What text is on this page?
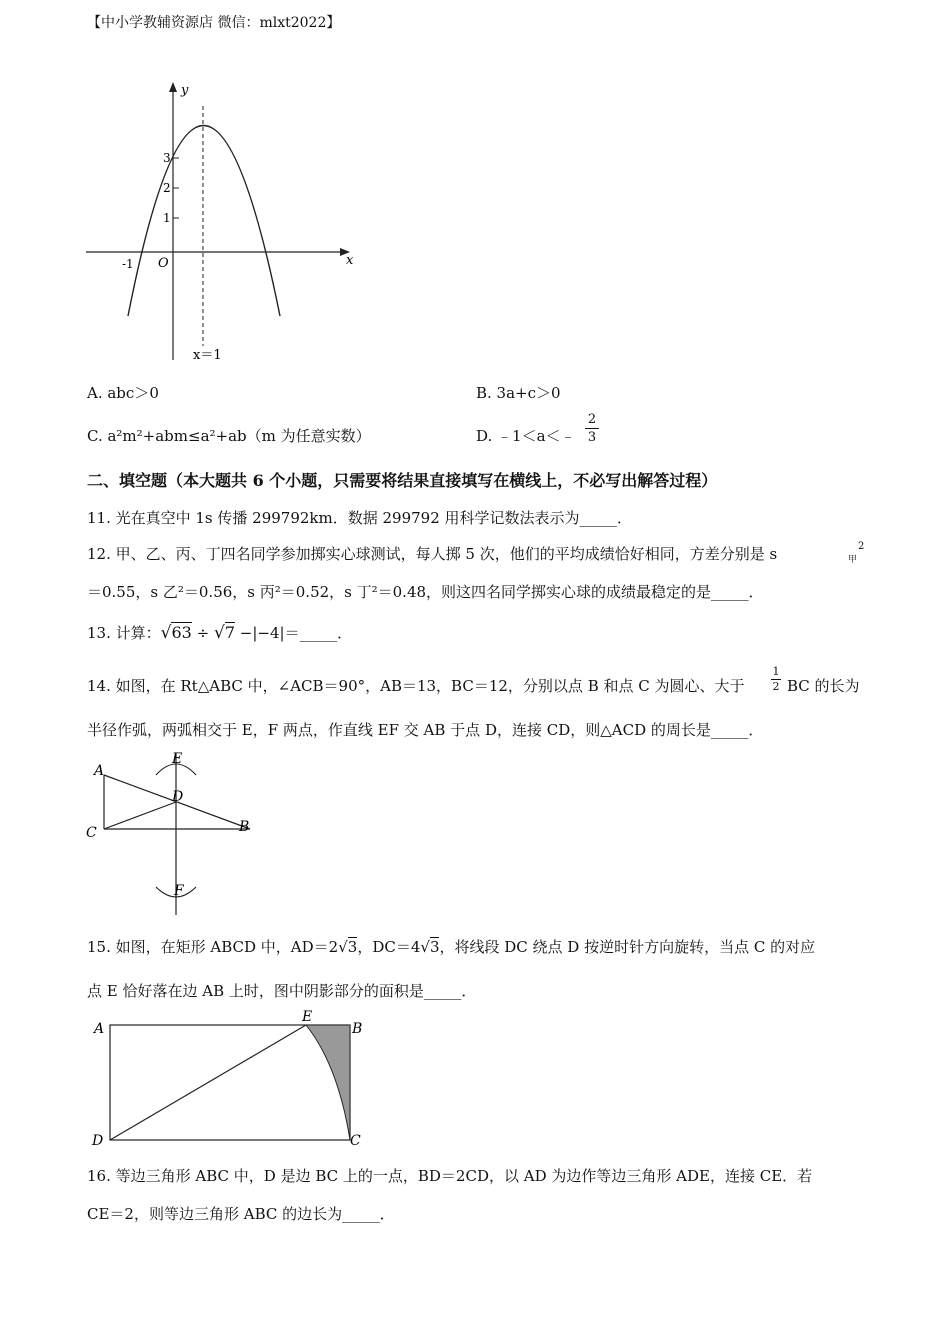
【中小学教辅资源店 微信：mlxt2022】
y
x
3
2
1
-1 O
x＝1
A. abc＞0	B. 3a+c＞0
C. a²m²+abm≤a²+ab（m 为任意实数）	D. ﹣1＜a＜﹣ $\frac{2}{3}$
二、填空题（本大题共 6 个小题，只需要将结果直接填写在横线上，不必写出解答过程）
11. 光在真空中 1s 传播 299792km．数据 299792 用科学记数法表示为_____．
12. 甲、乙、丙、丁四名同学参加掷实心球测试，每人掷 5 次，他们的平均成绩恰好相同，方差分别是 s	甲
2
＝0.55，s 乙²＝0.56，s 丙²＝0.52，s 丁²＝0.48，则这四名同学掷实心球的成绩最稳定的是_____．
13. 计算：√63 ÷ √7 −|−4|＝_____．
14. 如图，在 Rt△ABC 中，∠ACB＝90°，AB＝13，BC＝12，分别以点 B 和点 C 为圆心、大于 $\frac{1}{2}$ BC 的长为
半径作弧，两弧相交于 E，F 两点，作直线 EF 交 AB 于点 D，连接 CD，则△ACD 的周长是_____．
A
C	B
D
E
F
15. 如图，在矩形 ABCD 中，AD＝2√3，DC＝4√3，将线段 DC 绕点 D 按逆时针方向旋转，当点 C 的对应
点 E 恰好落在边 AB 上时，图中阴影部分的面积是_____．
A
E
B
D	C
16. 等边三角形 ABC 中，D 是边 BC 上的一点，BD＝2CD，以 AD 为边作等边三角形 ADE，连接 CE．若
CE＝2，则等边三角形 ABC 的边长为_____．
